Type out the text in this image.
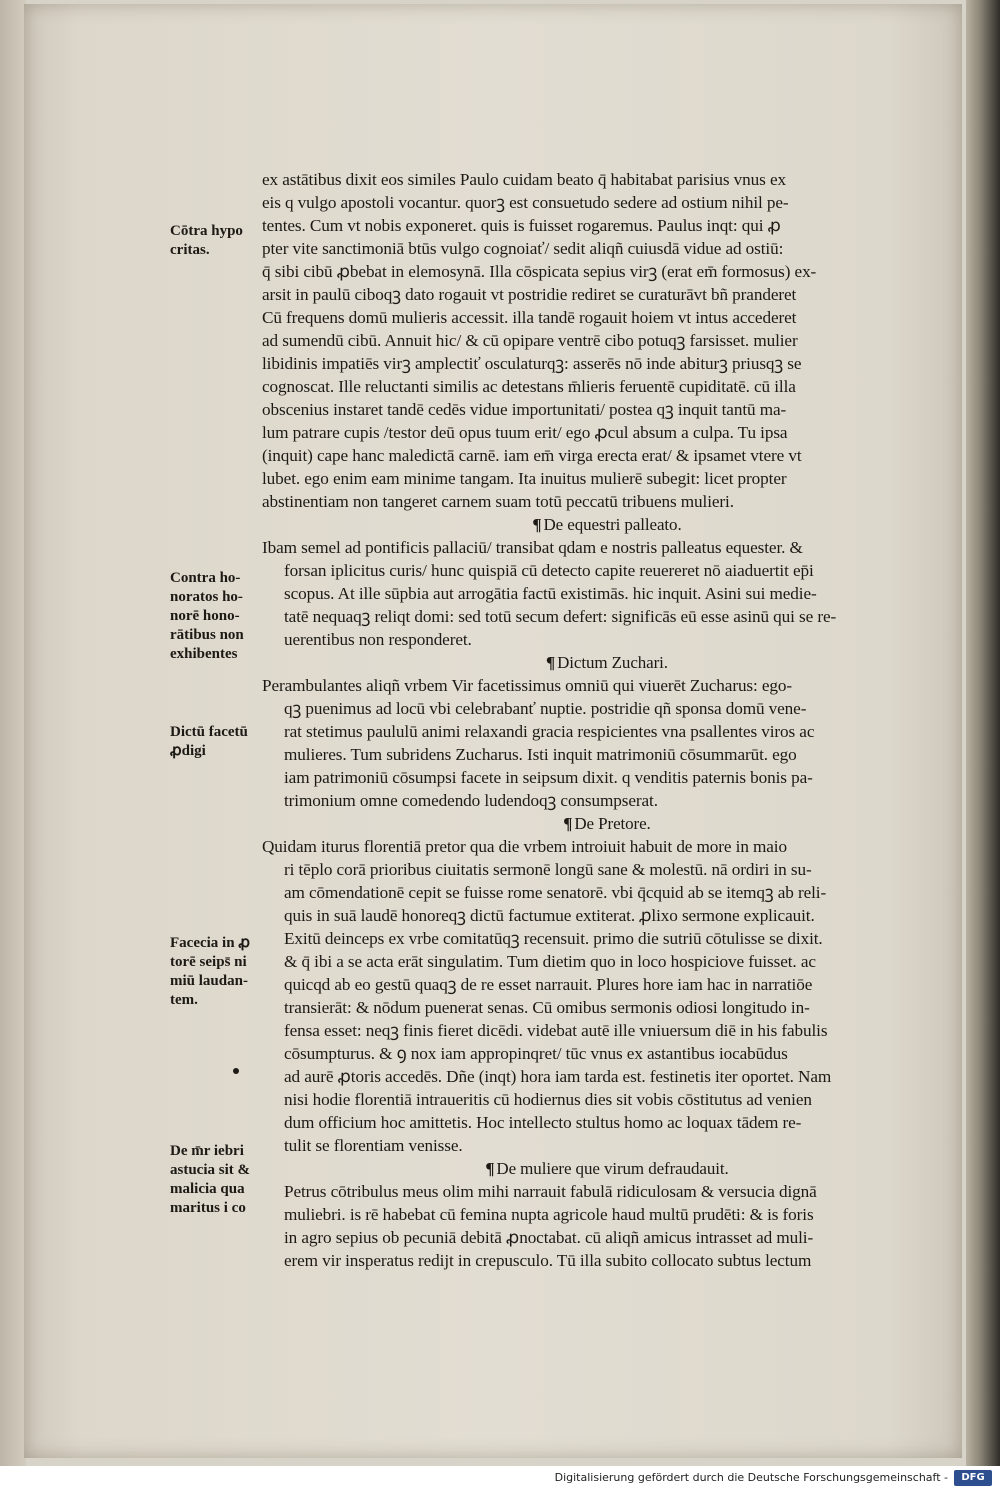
ex astātibus dixit eos similes Paulo cuidam beato q̄ habitabat parisius vnus ex
eis q vulgo apostoli vocantur. quorꝫ est consuetudo sedere ad ostium nihil pe-
tentes. Cum vt nobis exponeret. quis is fuisset rogaremus. Paulus inqt: qui ꝓ
pter vite sanctimoniā btūs vulgo cognoiať/ sedit aliqñ cuiusdā vidue ad ostiū:
q̄ sibi cibū ꝓbebat in elemosynā. Illa cōspicata sepius virꝫ (erat em̄ formosus) ex-
arsit in paulū ciboqꝫ dato rogauit vt postridie rediret se curaturāvt bñ pranderet
Cū frequens domū mulieris accessit. illa tandē rogauit hoiem vt intus accederet
ad sumendū cibū. Annuit hic/ & cū opipare ventrē cibo potuqꝫ farsisset. mulier
libidinis impatiēs virꝫ amplectiť osculaturqꝫ: asserēs nō inde abiturꝫ priusqꝫ se
cognoscat. Ille reluctanti similis ac detestans m̄lieris feruentē cupiditatē. cū illa
obscenius instaret tandē cedēs vidue importunitati/ postea qꝫ inquit tantū ma-
lum patrare cupis /testor deū opus tuum erit/ ego ꝓcul absum a culpa. Tu ipsa
(inquit) cape hanc maledictā carnē. iam em̄ virga erecta erat/ & ipsamet vtere vt
lubet. ego enim eam minime tangam. Ita inuitus mulierē subegit: licet propter
abstinentiam non tangeret carnem suam totū peccatū tribuens mulieri.
¶ De equestri palleato.
Ibam semel ad pontificis pallaciū/ transibat qdam e nostris palleatus equester. &
forsan iplicitus curis/ hunc quispiā cū detecto capite reuereret nō aiaduertit ep̄i
scopus. At ille sūpbia aut arrogātia factū existimās. hic inquit. Asini sui medie-
tatē nequaqꝫ reliqt domi: sed totū secum defert: significās eū esse asinū qui se re-
uerentibus non responderet.
¶ Dictum Zuchari.
Perambulantes aliqñ vrbem Vir facetissimus omniū qui viuerēt Zucharus: ego-
qꝫ puenimus ad locū vbi celebrabanť nuptie. postridie qñ sponsa domū vene-
rat stetimus paululū animi relaxandi gracia respicientes vna psallentes viros ac
mulieres. Tum subridens Zucharus. Isti inquit matrimoniū cōsummarūt. ego
iam patrimoniū cōsumpsi facete in seipsum dixit. q venditis paternis bonis pa-
trimonium omne comedendo ludendoqꝫ consumpserat.
¶ De Pretore.
Quidam iturus florentiā pretor qua die vrbem introiuit habuit de more in maio
ri tēplo corā prioribus ciuitatis sermonē longū sane & molestū. nā ordiri in su-
am cōmendationē cepit se fuisse rome senatorē. vbi q̄cquid ab se itemqꝫ ab reli-
quis in suā laudē honoreqꝫ dictū factumue extiterat. ꝓlixo sermone explicauit.
Exitū deinceps ex vrbe comitatūqꝫ recensuit. primo die sutriū cōtulisse se dixit.
& q̄ ibi a se acta erāt singulatim. Tum dietim quo in loco hospiciove fuisset. ac
quicqd ab eo gestū quaqꝫ de re esset narrauit. Plures hore iam hac in narratiōe
transierāt: & nōdum puenerat senas. Cū omibus sermonis odiosi longitudo in-
fensa esset: neqꝫ finis fieret dicēdi. videbat autē ille vniuersum diē in his fabulis
cōsumpturus. & ꝯ nox iam appropinqret/ tūc vnus ex astantibus iocabūdus
ad aurē ꝓtoris accedēs. Dñe (inqt) hora iam tarda est. festinetis iter oportet. Nam
nisi hodie florentiā intraueritis cū hodiernus dies sit vobis cōstitutus ad venien
dum officium hoc amittetis. Hoc intellecto stultus homo ac loquax tādem re-
tulit se florentiam venisse.
¶ De muliere que virum defraudauit.
Petrus cōtribulus meus olim mihi narrauit fabulā ridiculosam & versucia dignā
muliebri. is rē habebat cū femina nupta agricole haud multū prudēti: & is foris
in agro sepius ob pecuniā debitā ꝓnoctabat. cū aliqñ amicus intrasset ad muli-
erem vir insperatus redijt in crepusculo. Tū illa subito collocato subtus lectum
Cōtra hypo
critas.
Contra ho-
noratos ho-
norē hono-
rātibus non
exhibentes
Dictū facetū
ꝓdigi
Facecia in ꝓ
torē seips̄ ni
miū laudan-
tem.
De m̄r iebri
astucia sit &
malicia qua
maritus i co
Digitalisierung gefördert durch die Deutsche Forschungsgemeinschaft -	DFG
